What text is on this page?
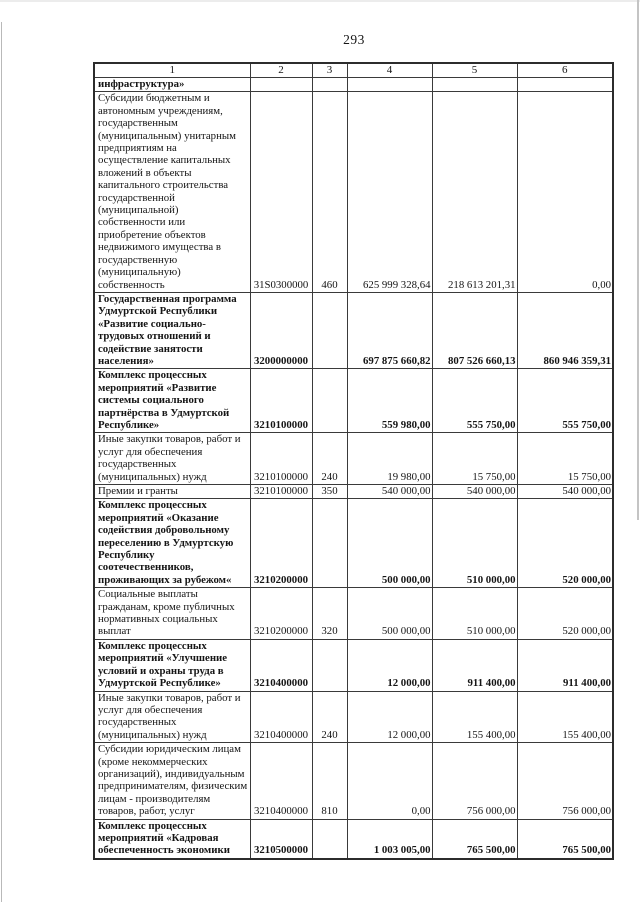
293
1	2	3	4	5	6
инфраструктура»					
Субсидии бюджетным и автономным учреждениям, государственным (муниципальным) унитарным предприятиям на осуществление капитальных вложений в объекты капитального строительства государственной (муниципальной) собственности или приобретение объектов недвижимого имущества в государственную (муниципальную) собственность	31S0300000	460	625 999 328,64	218 613 201,31	0,00
Государственная программа Удмуртской Республики «Развитие социально-трудовых отношений и содействие занятости населения»	3200000000		697 875 660,82	807 526 660,13	860 946 359,31
Комплекс процессных мероприятий «Развитие системы социального партнёрства в Удмуртской Республике»	3210100000		559 980,00	555 750,00	555 750,00
Иные закупки товаров, работ и услуг для обеспечения государственных (муниципальных) нужд	3210100000	240	19 980,00	15 750,00	15 750,00
Премии и гранты	3210100000	350	540 000,00	540 000,00	540 000,00
Комплекс процессных мероприятий «Оказание содействия добровольному переселению в Удмуртскую Республику соотечественников, проживающих за рубежом«	3210200000		500 000,00	510 000,00	520 000,00
Социальные выплаты гражданам, кроме публичных нормативных социальных выплат	3210200000	320	500 000,00	510 000,00	520 000,00
Комплекс процессных мероприятий «Улучшение условий и охраны труда в Удмуртской Республике»	3210400000		12 000,00	911 400,00	911 400,00
Иные закупки товаров, работ и услуг для обеспечения государственных (муниципальных) нужд	3210400000	240	12 000,00	155 400,00	155 400,00
Субсидии юридическим лицам (кроме некоммерческих организаций), индивидуальным предпринимателям, физическим лицам - производителям товаров, работ, услуг	3210400000	810	0,00	756 000,00	756 000,00
Комплекс процессных мероприятий «Кадровая обеспеченность экономики	3210500000		1 003 005,00	765 500,00	765 500,00
